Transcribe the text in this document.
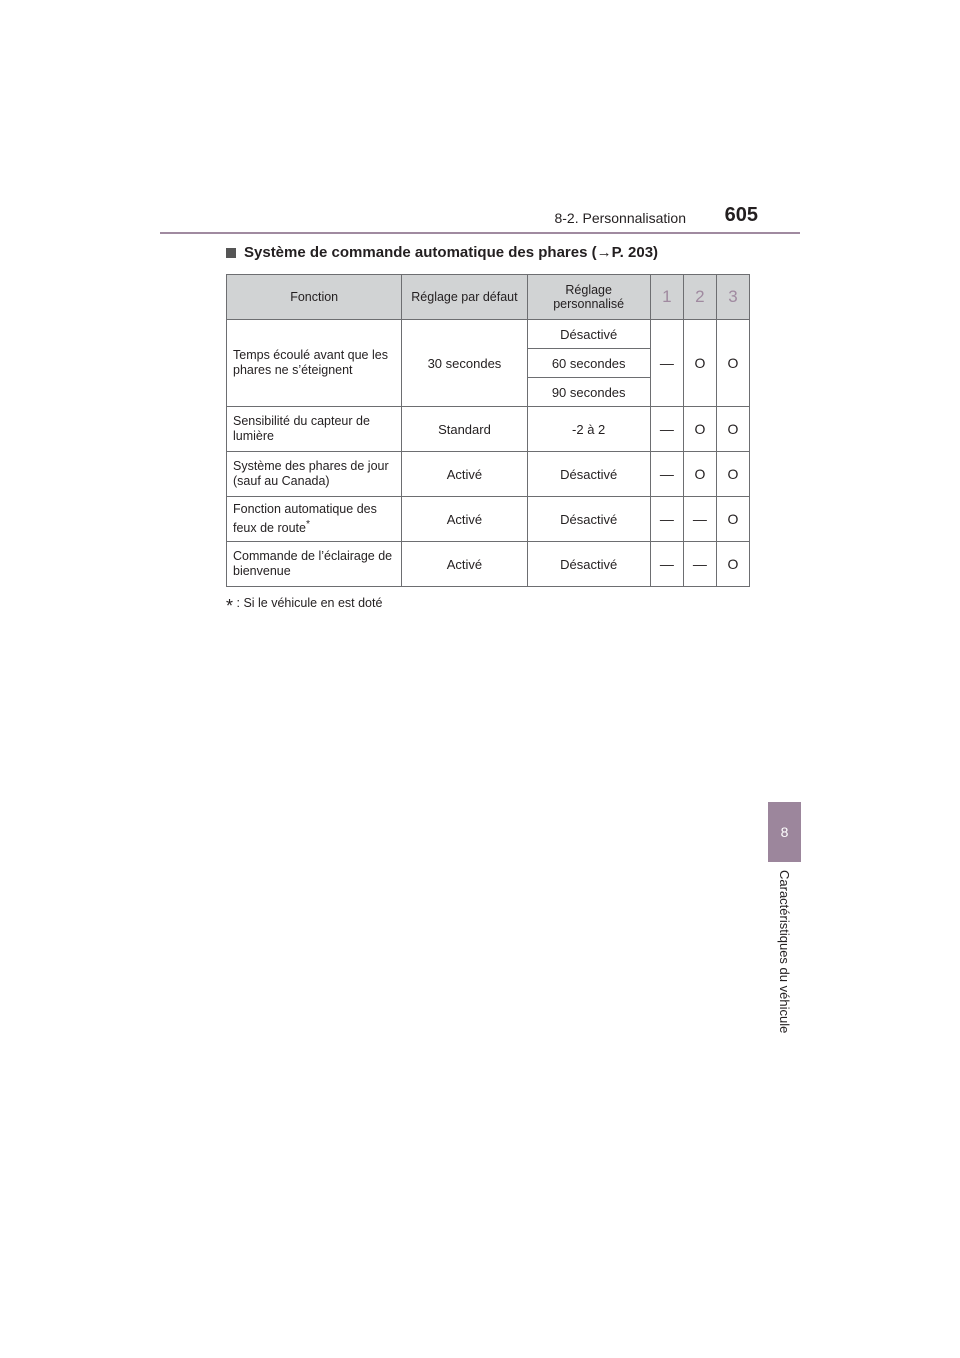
8-2. Personnalisation 605
Système de commande automatique des phares (→P. 203)
Fonction	Réglage par défaut	Réglage personnalisé	1	2	3
Temps écoulé avant que les phares ne s’éteignent	30 secondes	Désactivé	—	O	O
		60 secondes			
		90 secondes			
Sensibilité du capteur de lumière	Standard	-2 à 2	—	O	O
Système des phares de jour (sauf au Canada)	Activé	Désactivé	—	O	O
Fonction automatique des feux de route*	Activé	Désactivé	—	—	O
Commande de l’éclairage de bienvenue	Activé	Désactivé	—	—	O
* : Si le véhicule en est doté
8
Caractéristiques du véhicule
